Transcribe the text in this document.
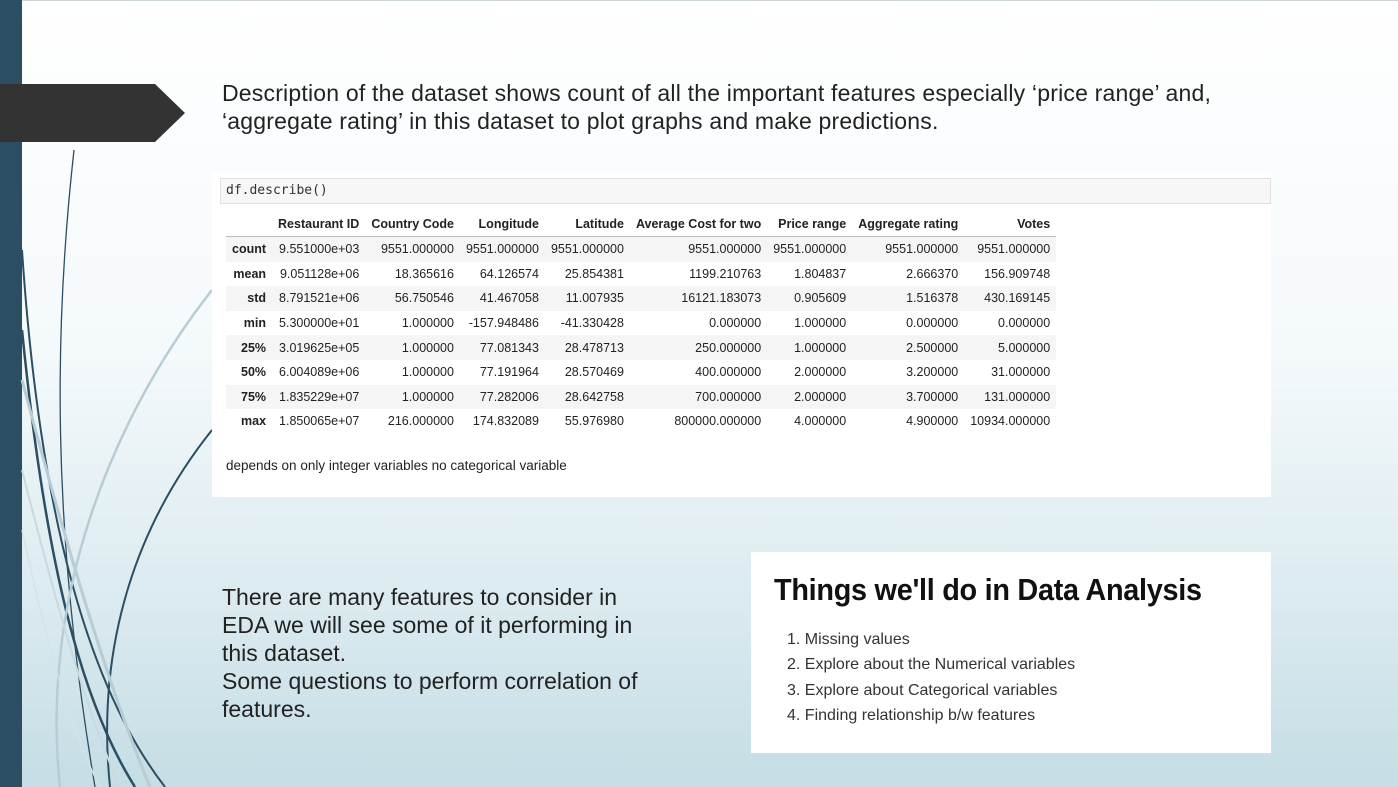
Description of the dataset shows count of all the important features especially ‘price range’ and, ‘aggregate rating’ in this dataset to plot graphs and make predictions.
df.describe()
	Restaurant ID	Country Code	Longitude	Latitude	Average Cost for two	Price range	Aggregate rating	Votes
count	9.551000e+03	9551.000000	9551.000000	9551.000000	9551.000000	9551.000000	9551.000000	9551.000000
mean	9.051128e+06	18.365616	64.126574	25.854381	1199.210763	1.804837	2.666370	156.909748
std	8.791521e+06	56.750546	41.467058	11.007935	16121.183073	0.905609	1.516378	430.169145
min	5.300000e+01	1.000000	-157.948486	-41.330428	0.000000	1.000000	0.000000	0.000000
25%	3.019625e+05	1.000000	77.081343	28.478713	250.000000	1.000000	2.500000	5.000000
50%	6.004089e+06	1.000000	77.191964	28.570469	400.000000	2.000000	3.200000	31.000000
75%	1.835229e+07	1.000000	77.282006	28.642758	700.000000	2.000000	3.700000	131.000000
max	1.850065e+07	216.000000	174.832089	55.976980	800000.000000	4.000000	4.900000	10934.000000
depends on only integer variables no categorical variable
There are many features to consider in
EDA we will see some of it performing in
this dataset.
Some questions to perform correlation of
features.
Things we'll do in Data Analysis
1. Missing values
2. Explore about the Numerical variables
3. Explore about Categorical variables
4. Finding relationship b/w features
